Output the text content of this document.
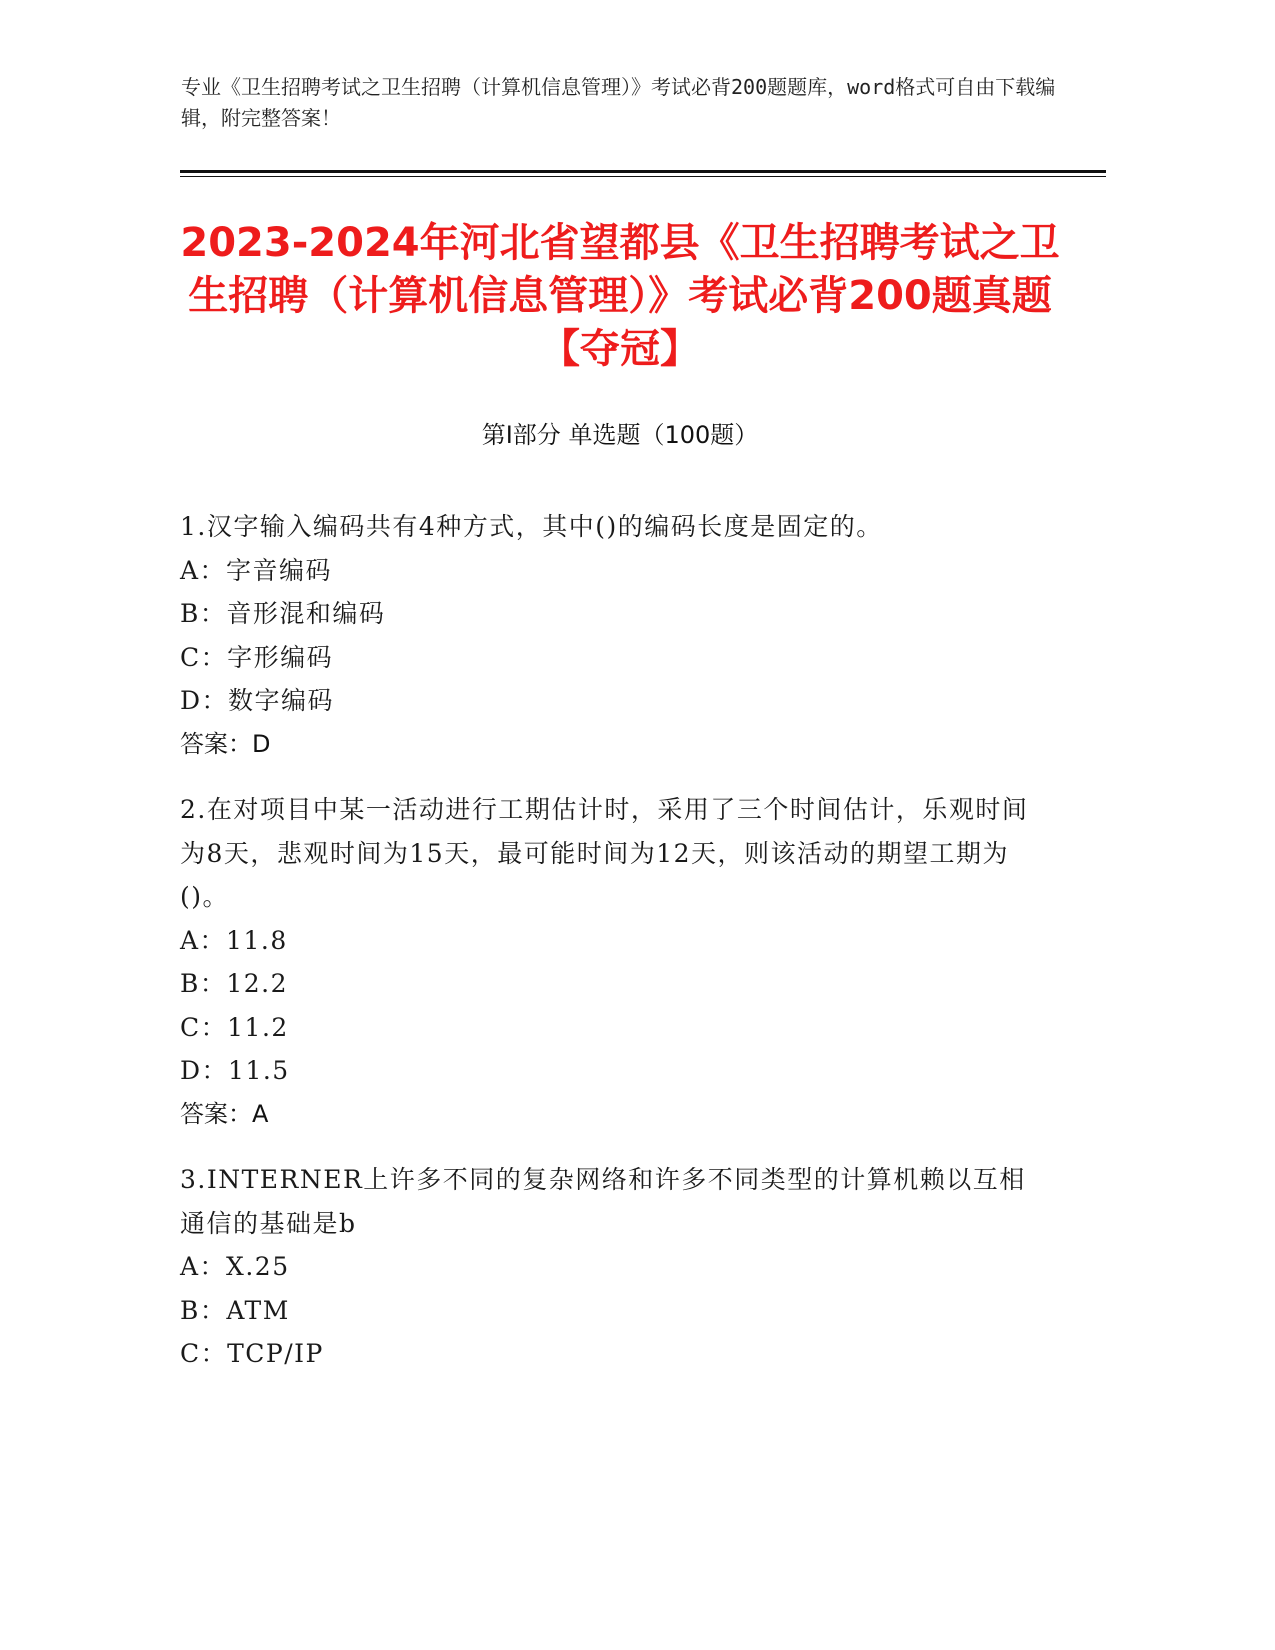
专业《卫生招聘考试之卫生招聘（计算机信息管理）》考试必背200题题库，word格式可自由下载编辑，附完整答案！
2023-2024年河北省望都县《卫生招聘考试之卫生招聘（计算机信息管理）》考试必背200题真题【夺冠】
第Ⅰ部分 单选题（100题）
1.汉字输入编码共有4种方式，其中()的编码长度是固定的。
A：字音编码
B：音形混和编码
C：字形编码
D：数字编码
答案：D
2.在对项目中某一活动进行工期估计时，采用了三个时间估计，乐观时间为8天，悲观时间为15天，最可能时间为12天，则该活动的期望工期为()。
A：11.8
B：12.2
C：11.2
D：11.5
答案：A
3.INTERNER上许多不同的复杂网络和许多不同类型的计算机赖以互相通信的基础是b
A：X.25
B：ATM
C：TCP/IP
